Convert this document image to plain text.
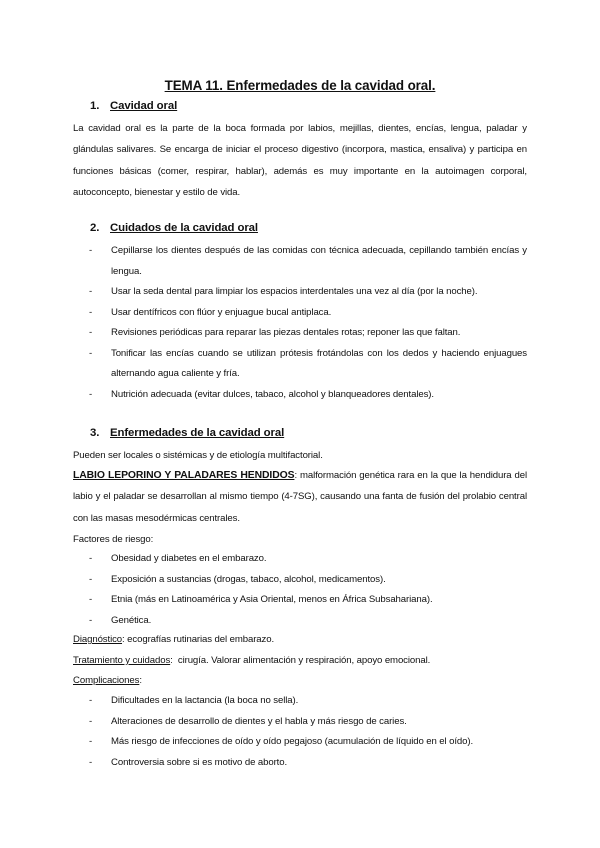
TEMA 11. Enfermedades de la cavidad oral.
1. Cavidad oral
La cavidad oral es la parte de la boca formada por labios, mejillas, dientes, encías, lengua, paladar y glándulas salivares. Se encarga de iniciar el proceso digestivo (incorpora, mastica, ensaliva) y participa en funciones básicas (comer, respirar, hablar), además es muy importante en la autoimagen corporal, autoconcepto, bienestar y estilo de vida.
2. Cuidados de la cavidad oral
- Cepillarse los dientes después de las comidas con técnica adecuada, cepillando también encías y lengua.
- Usar la seda dental para limpiar los espacios interdentales una vez al día (por la noche).
- Usar dentífricos con flúor y enjuague bucal antiplaca.
- Revisiones periódicas para reparar las piezas dentales rotas; reponer las que faltan.
- Tonificar las encías cuando se utilizan prótesis frotándolas con los dedos y haciendo enjuagues alternando agua caliente y fría.
- Nutrición adecuada (evitar dulces, tabaco, alcohol y blanqueadores dentales).
3. Enfermedades de la cavidad oral
Pueden ser locales o sistémicas y de etiología multifactorial.
LABIO LEPORINO Y PALADARES HENDIDOS: malformación genética rara en la que la hendidura del labio y el paladar se desarrollan al mismo tiempo (4-7SG), causando una fanta de fusión del prolabio central con las masas mesodérmicas centrales.
Factores de riesgo:
- Obesidad y diabetes en el embarazo.
- Exposición a sustancias (drogas, tabaco, alcohol, medicamentos).
- Etnia (más en Latinoamérica y Asia Oriental, menos en África Subsahariana).
- Genética.
Diagnóstico: ecografías rutinarias del embarazo.
Tratamiento y cuidados:  cirugía. Valorar alimentación y respiración, apoyo emocional.
Complicaciones:
- Dificultades en la lactancia (la boca no sella).
- Alteraciones de desarrollo de dientes y el habla y más riesgo de caries.
- Más riesgo de infecciones de oído y oído pegajoso (acumulación de líquido en el oído).
- Controversia sobre si es motivo de aborto.
